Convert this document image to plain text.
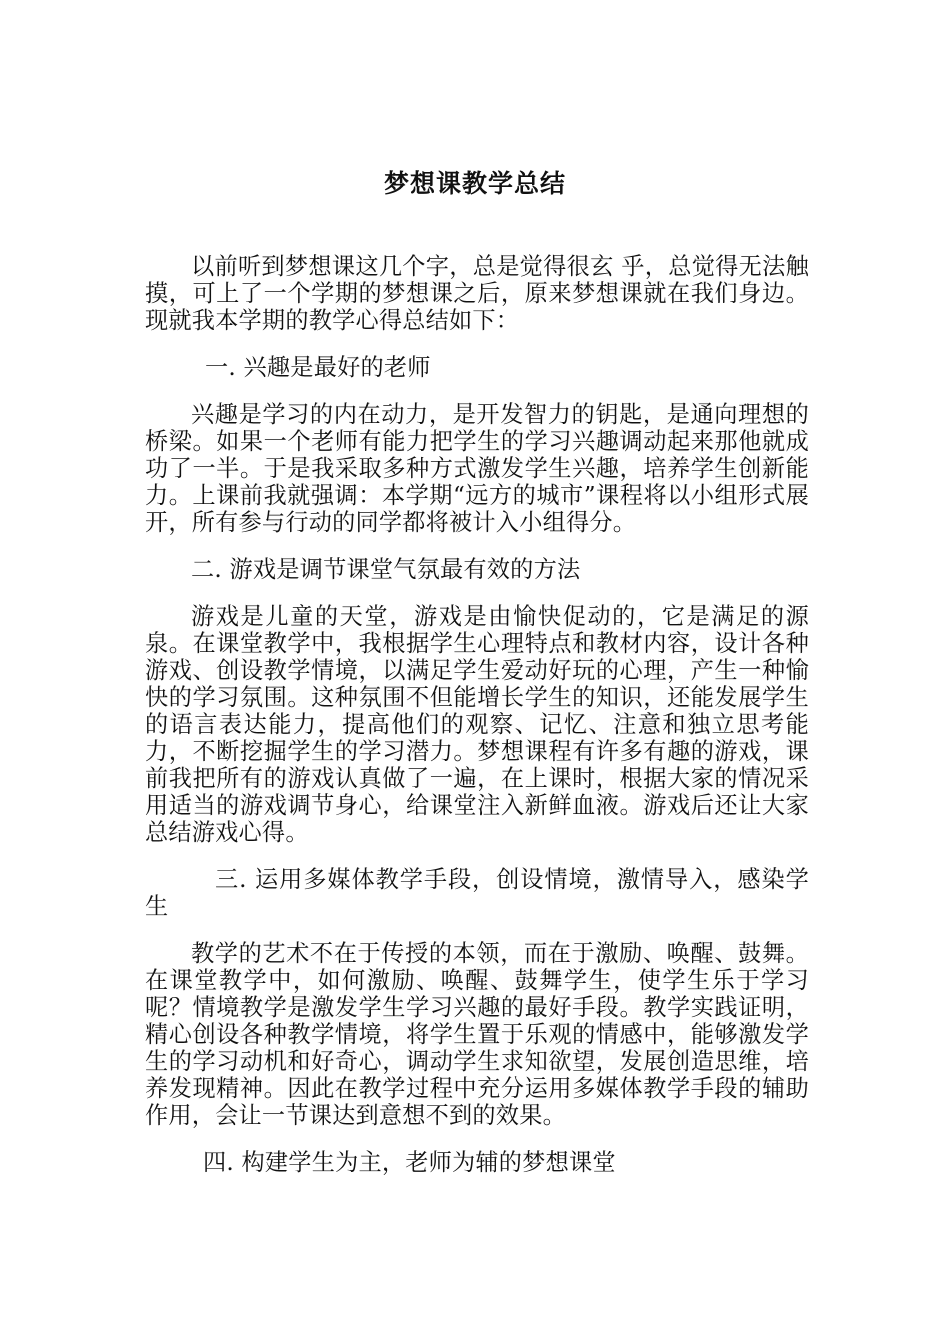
梦想课教学总结

以前听到梦想课这几个字，总是觉得很玄 乎，总觉得无法触摸，可上了一个学期的梦想课之后，原来梦想课就在我们身边。现就我本学期的教学心得总结如下：

一. 兴趣是最好的老师

兴趣是学习的内在动力，是开发智力的钥匙，是通向理想的桥梁。如果一个老师有能力把学生的学习兴趣调动起来那他就成功了一半。于是我采取多种方式激发学生兴趣，培养学生创新能力。上课前我就强调：本学期“远方的城市”课程将以小组形式展开，所有参与行动的同学都将被计入小组得分。

二. 游戏是调节课堂气氛最有效的方法

游戏是儿童的天堂，游戏是由愉快促动的，它是满足的源泉。在课堂教学中，我根据学生心理特点和教材内容，设计各种游戏、创设教学情境，以满足学生爱动好玩的心理，产生一种愉快的学习氛围。这种氛围不但能增长学生的知识，还能发展学生的语言表达能力，提高他们的观察、记忆、注意和独立思考能力，不断挖掘学生的学习潜力。梦想课程有许多有趣的游戏，课前我把所有的游戏认真做了一遍，在上课时，根据大家的情况采用适当的游戏调节身心，给课堂注入新鲜血液。游戏后还让大家总结游戏心得。

三. 运用多媒体教学手段，创设情境，激情导入，感染学生

教学的艺术不在于传授的本领，而在于激励、唤醒、鼓舞。在课堂教学中，如何激励、唤醒、鼓舞学生，使学生乐于学习呢？情境教学是激发学生学习兴趣的最好手段。教学实践证明，精心创设各种教学情境，将学生置于乐观的情感中，能够激发学生的学习动机和好奇心，调动学生求知欲望，发展创造思维，培养发现精神。因此在教学过程中充分运用多媒体教学手段的辅助作用，会让一节课达到意想不到的效果。

四. 构建学生为主，老师为辅的梦想课堂
